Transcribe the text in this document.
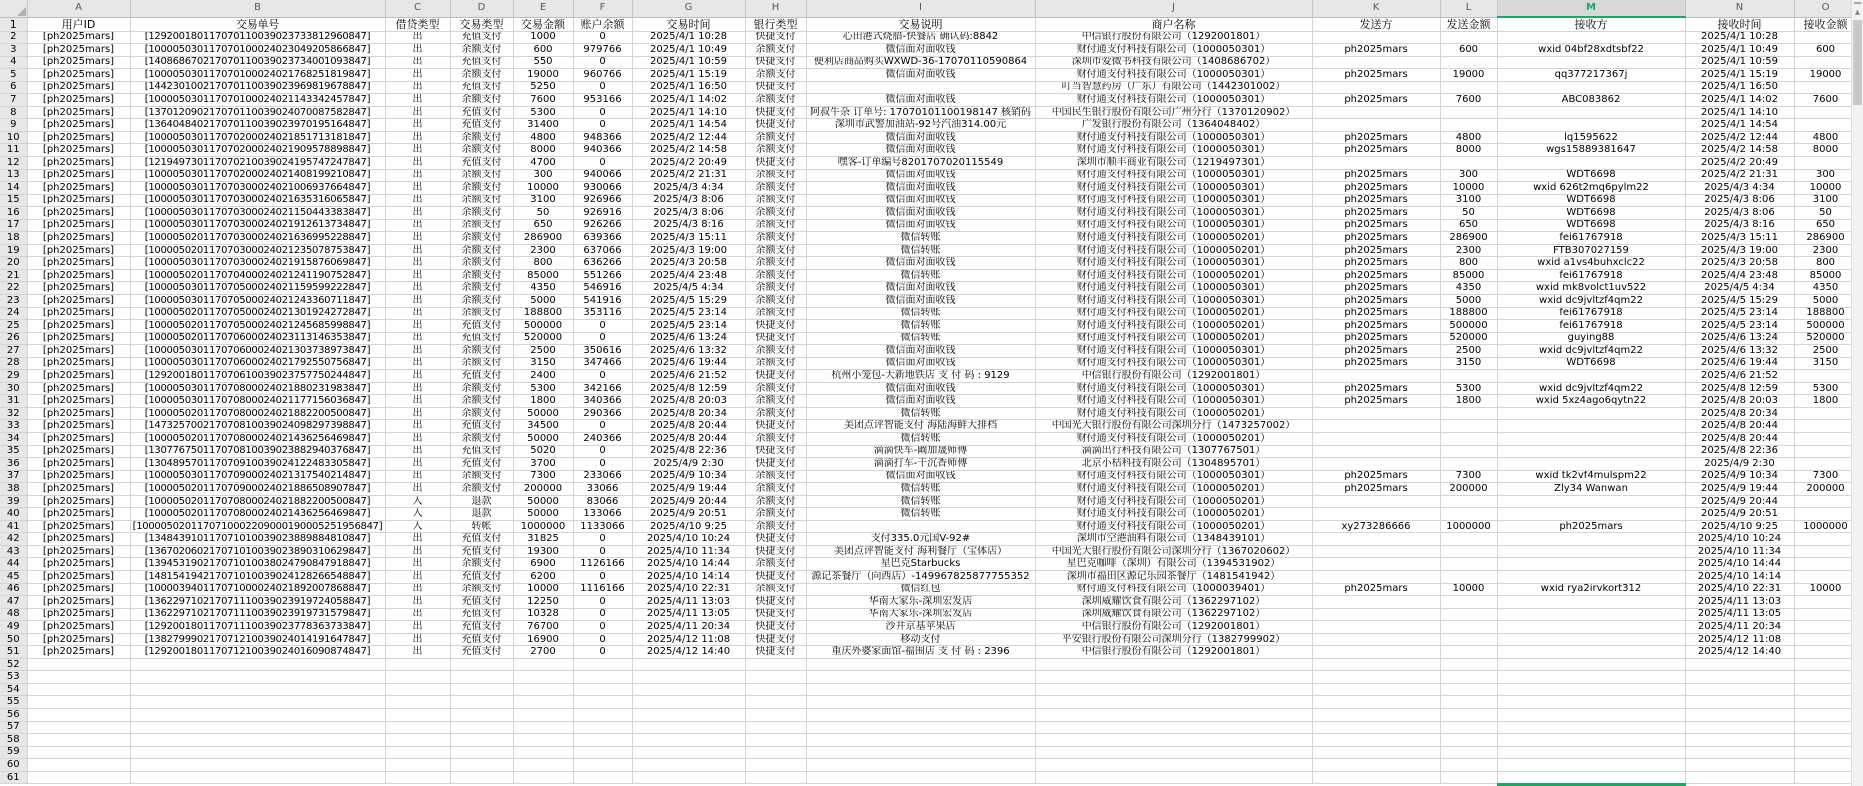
	A	B	C	D	E	F	G	H	I	J	K	L	M	N	O
1	用户ID	交易单号	借贷类型	交易类型	交易金额	账户余额	交易时间	银行类型	交易说明	商户名称	发送方	发送金额	接收方	接收时间	接收金额
2	[ph2025mars]	[129200180117070110039023733812960847]	出	充值支付	1000	0	2025/4/1 10:28	快捷支付	心田港式烧腊-快餐店 确认码:8842	中信银行股份有限公司（1292001801）				2025/4/1 10:28	
3	[ph2025mars]	[100005030117070100024023049205866847]	出	余额支付	600	979766	2025/4/1 10:49	余额支付	微信面对面收钱	财付通支付科技有限公司（1000050301）	ph2025mars	600	wxid 04bf28xdtsbf22	2025/4/1 10:49	600
4	[ph2025mars]	[140868670217070110039023734001093847]	出	充值支付	550	0	2025/4/1 10:59	快捷支付	便利店商品购买WXWD-36-17070110590864	深圳市爱微书科技有限公司（1408686702）				2025/4/1 10:59	
5	[ph2025mars]	[100005030117070100024021768251819847]	出	余额支付	19000	960766	2025/4/1 15:19	余额支付	微信面对面收钱	财付通支付科技有限公司（1000050301）	ph2025mars	19000	qq377217367j	2025/4/1 15:19	19000
6	[ph2025mars]	[144230100217070110039023969819678847]	出	充值支付	5250	0	2025/4/1 16:50	快捷支付		叮当智慧药房（广东）有限公司（1442301002）				2025/4/1 16:50	
7	[ph2025mars]	[100005030117070100024021143342457847]	出	余额支付	7600	953166	2025/4/1 14:02	余额支付	微信面对面收钱	财付通支付科技有限公司（1000050301）	ph2025mars	7600	ABC083862	2025/4/1 14:02	7600
8	[ph2025mars]	[137012090217070110039024070087582847]	出	充值支付	5300	0	2025/4/1 14:10	快捷支付	阿叔牛杂 订单号: 17070101100198147 核销码	中国民生银行股份有限公司广州分行（1370120902）				2025/4/1 14:10	
9	[ph2025mars]	[136404840217070110039023970195164847]	出	充值支付	31400	0	2025/4/1 14:54	快捷支付	深圳市武警加油站-92号汽油314.00元	广发银行股份有限公司（1364048402）				2025/4/1 14:54	
10	[ph2025mars]	[100005030117070200024021851713181847]	出	余额支付	4800	948366	2025/4/2 12:44	余额支付	微信面对面收钱	财付通支付科技有限公司（1000050301）	ph2025mars	4800	lq1595622	2025/4/2 12:44	4800
11	[ph2025mars]	[100005030117070200024021909578898847]	出	余额支付	8000	940366	2025/4/2 14:58	余额支付	微信面对面收钱	财付通支付科技有限公司（1000050301）	ph2025mars	8000	wgs15889381647	2025/4/2 14:58	8000
12	[ph2025mars]	[121949730117070210039024195747247847]	出	充值支付	4700	0	2025/4/2 20:49	快捷支付	嘿客-订单编号8201707020115549	深圳市顺丰商业有限公司（1219497301）				2025/4/2 20:49	
13	[ph2025mars]	[100005030117070200024021408199210847]	出	余额支付	300	940066	2025/4/2 21:31	余额支付	微信面对面收钱	财付通支付科技有限公司（1000050301）	ph2025mars	300	WDT6698	2025/4/2 21:31	300
14	[ph2025mars]	[100005030117070300024021006937664847]	出	余额支付	10000	930066	2025/4/3 4:34	余额支付	微信面对面收钱	财付通支付科技有限公司（1000050301）	ph2025mars	10000	wxid 626t2mq6pylm22	2025/4/3 4:34	10000
15	[ph2025mars]	[100005030117070300024021635316065847]	出	余额支付	3100	926966	2025/4/3 8:06	余额支付	微信面对面收钱	财付通支付科技有限公司（1000050301）	ph2025mars	3100	WDT6698	2025/4/3 8:06	3100
16	[ph2025mars]	[100005030117070300024021150443383847]	出	余额支付	50	926916	2025/4/3 8:06	余额支付	微信面对面收钱	财付通支付科技有限公司（1000050301）	ph2025mars	50	WDT6698	2025/4/3 8:06	50
17	[ph2025mars]	[100005030117070300024021912613734847]	出	余额支付	650	926266	2025/4/3 8:16	余额支付	微信面对面收钱	财付通支付科技有限公司（1000050301）	ph2025mars	650	WDT6698	2025/4/3 8:16	650
18	[ph2025mars]	[100005020117070300024021636995228847]	出	余额支付	286900	639366	2025/4/3 15:11	余额支付	微信转账	财付通支付科技有限公司（1000050201）	ph2025mars	286900	fei61767918	2025/4/3 15:11	286900
19	[ph2025mars]	[100005020117070300024021235078753847]	出	余额支付	2300	637066	2025/4/3 19:00	余额支付	微信转账	财付通支付科技有限公司（1000050201）	ph2025mars	2300	FTB307027159	2025/4/3 19:00	2300
20	[ph2025mars]	[100005030117070300024021915876069847]	出	余额支付	800	636266	2025/4/3 20:58	余额支付	微信面对面收钱	财付通支付科技有限公司（1000050301）	ph2025mars	800	wxid a1vs4buhxclc22	2025/4/3 20:58	800
21	[ph2025mars]	[100005020117070400024021241190752847]	出	余额支付	85000	551266	2025/4/4 23:48	余额支付	微信转账	财付通支付科技有限公司（1000050201）	ph2025mars	85000	fei61767918	2025/4/4 23:48	85000
22	[ph2025mars]	[100005030117070500024021159599222847]	出	余额支付	4350	546916	2025/4/5 4:34	余额支付	微信面对面收钱	财付通支付科技有限公司（1000050301）	ph2025mars	4350	wxid mk8volct1uv522	2025/4/5 4:34	4350
23	[ph2025mars]	[100005030117070500024021243360711847]	出	余额支付	5000	541916	2025/4/5 15:29	余额支付	微信面对面收钱	财付通支付科技有限公司（1000050301）	ph2025mars	5000	wxid dc9jvltzf4qm22	2025/4/5 15:29	5000
24	[ph2025mars]	[100005020117070500024021301924272847]	出	余额支付	188800	353116	2025/4/5 23:14	余额支付	微信转账	财付通支付科技有限公司（1000050201）	ph2025mars	188800	fei61767918	2025/4/5 23:14	188800
25	[ph2025mars]	[100005020117070500024021245685998847]	出	充值支付	500000	0	2025/4/5 23:14	快捷支付	微信转账	财付通支付科技有限公司（1000050201）	ph2025mars	500000	fei61767918	2025/4/5 23:14	500000
26	[ph2025mars]	[100005020117070600024023113146353847]	出	充值支付	520000	0	2025/4/6 13:24	快捷支付	微信转账	财付通支付科技有限公司（1000050201）	ph2025mars	520000	guying88	2025/4/6 13:24	520000
27	[ph2025mars]	[100005030117070600024021303738973847]	出	余额支付	2500	350616	2025/4/6 13:32	余额支付	微信面对面收钱	财付通支付科技有限公司（1000050301）	ph2025mars	2500	wxid dc9jvltzf4qm22	2025/4/6 13:32	2500
28	[ph2025mars]	[100005030117070600024021792550756847]	出	余额支付	3150	347466	2025/4/6 19:44	余额支付	微信面对面收钱	财付通支付科技有限公司（1000050301）	ph2025mars	3150	WDT6698	2025/4/6 19:44	3150
29	[ph2025mars]	[129200180117070610039023757750244847]	出	充值支付	2400	0	2025/4/6 21:52	快捷支付	杭州小笼包-大新地铁店 支 付 码 : 9129	中信银行股份有限公司（1292001801）				2025/4/6 21:52	
30	[ph2025mars]	[100005030117070800024021880231983847]	出	余额支付	5300	342166	2025/4/8 12:59	余额支付	微信面对面收钱	财付通支付科技有限公司（1000050301）	ph2025mars	5300	wxid dc9jvltzf4qm22	2025/4/8 12:59	5300
31	[ph2025mars]	[100005030117070800024021177156036847]	出	余额支付	1800	340366	2025/4/8 20:03	余额支付	微信面对面收钱	财付通支付科技有限公司（1000050301）	ph2025mars	1800	wxid 5xz4ago6qytn22	2025/4/8 20:03	1800
32	[ph2025mars]	[100005020117070800024021882200500847]	出	余额支付	50000	290366	2025/4/8 20:34	余额支付	微信转账	财付通支付科技有限公司（1000050201）				2025/4/8 20:34	
33	[ph2025mars]	[147325700217070810039024098297398847]	出	充值支付	34500	0	2025/4/8 20:44	快捷支付	美团点评智能支付 海陆海鲜大排档	中国光大银行股份有限公司深圳分行（1473257002）				2025/4/8 20:44	
34	[ph2025mars]	[100005020117070800024021436256469847]	出	余额支付	50000	240366	2025/4/8 20:44	余额支付	微信转账	财付通支付科技有限公司（1000050201）				2025/4/8 20:44	
35	[ph2025mars]	[130776750117070810039023882940376847]	出	充值支付	5020	0	2025/4/8 22:36	快捷支付	滴滴快车-阚加晟师傅	滴滴出行科技有限公司（1307767501）				2025/4/8 22:36	
36	[ph2025mars]	[130489570117070910039024122483305847]	出	充值支付	3700	0	2025/4/9 2:30	快捷支付	滴滴打车-干沉香师傅	北京小桔科技有限公司（1304895701）				2025/4/9 2:30	
37	[ph2025mars]	[100005030117070900024021317540214847]	出	余额支付	7300	233066	2025/4/9 10:34	余额支付	微信面对面收钱	财付通支付科技有限公司（1000050301）	ph2025mars	7300	wxid tk2vf4mulspm22	2025/4/9 10:34	7300
38	[ph2025mars]	[100005020117070900024021886508907847]	出	余额支付	200000	33066	2025/4/9 19:44	余额支付	微信转账	财付通支付科技有限公司（1000050201）	ph2025mars	200000	Zly34 Wanwan	2025/4/9 19:44	200000
39	[ph2025mars]	[100005020117070800024021882200500847]	入	退款	50000	83066	2025/4/9 20:44	余额支付	微信转账	财付通支付科技有限公司（1000050201）				2025/4/9 20:44	
40	[ph2025mars]	[100005020117070800024021436256469847]	入	退款	50000	133066	2025/4/9 20:51	余额支付	微信转账	财付通支付科技有限公司（1000050201）				2025/4/9 20:51	
41	[ph2025mars]	[1000050201170710002209000190005251956847]	入	转帐	1000000	1133066	2025/4/10 9:25	余额支付		财付通支付科技有限公司（1000050201）	xy273286666	1000000	ph2025mars	2025/4/10 9:25	1000000
42	[ph2025mars]	[134843910117071010039023889884810847]	出	充值支付	31825	0	2025/4/10 10:24	快捷支付	支付335.0元国V-92#	深圳市空港油料有限公司（1348439101）				2025/4/10 10:24	
43	[ph2025mars]	[136702060217071010039023890310629847]	出	充值支付	19300	0	2025/4/10 11:34	快捷支付	美团点评智能支付 海利餐厅（宝体店）	中国光大银行股份有限公司深圳分行（1367020602）				2025/4/10 11:34	
44	[ph2025mars]	[139453190217071010038024790847918847]	出	余额支付	6900	1126166	2025/4/10 14:44	余额支付	星巴克Starbucks	星巴克咖啡（深圳）有限公司（1394531902）				2025/4/10 14:44	
45	[ph2025mars]	[148154194217071010039024128266548847]	出	充值支付	6200	0	2025/4/10 14:14	快捷支付	源记茶餐厅（向西店）-149967825877755352	深圳市福田区源记乐园茶餐厅（1481541942）				2025/4/10 14:14	
46	[ph2025mars]	[100003940117071000024021892007868847]	出	余额支付	10000	1116166	2025/4/10 22:31	余额支付	微信红包	财付通支付科技有限公司（1000039401）	ph2025mars	10000	wxid rya2irvkort312	2025/4/10 22:31	10000
47	[ph2025mars]	[136229710217071110039023919724058847]	出	充值支付	12250	0	2025/4/11 13:03	快捷支付	华南大家乐-深圳宏发店	深圳威耀饮食有限公司（1362297102）				2025/4/11 13:03	
48	[ph2025mars]	[136229710217071110039023919731579847]	出	充值支付	10328	0	2025/4/11 13:05	快捷支付	华南大家乐-深圳宏发店	深圳威耀饮食有限公司（1362297102）				2025/4/11 13:05	
49	[ph2025mars]	[129200180117071110039023778363733847]	出	充值支付	76700	0	2025/4/11 20:34	快捷支付	沙井京基苹果店	中信银行股份有限公司（1292001801）				2025/4/11 20:34	
50	[ph2025mars]	[138279990217071210039024014191647847]	出	充值支付	16900	0	2025/4/12 11:08	快捷支付	移动支付	平安银行股份有限公司深圳分行（1382799902）				2025/4/12 11:08	
51	[ph2025mars]	[129200180117071210039024016090874847]	出	充值支付	2700	0	2025/4/12 14:40	快捷支付	重庆外婆家面馆-福围店 支 付 码 : 2396	中信银行股份有限公司（1292001801）				2025/4/12 14:40	
52															
53															
54															
55															
56															
57															
58															
59															
60															
61															
▲
